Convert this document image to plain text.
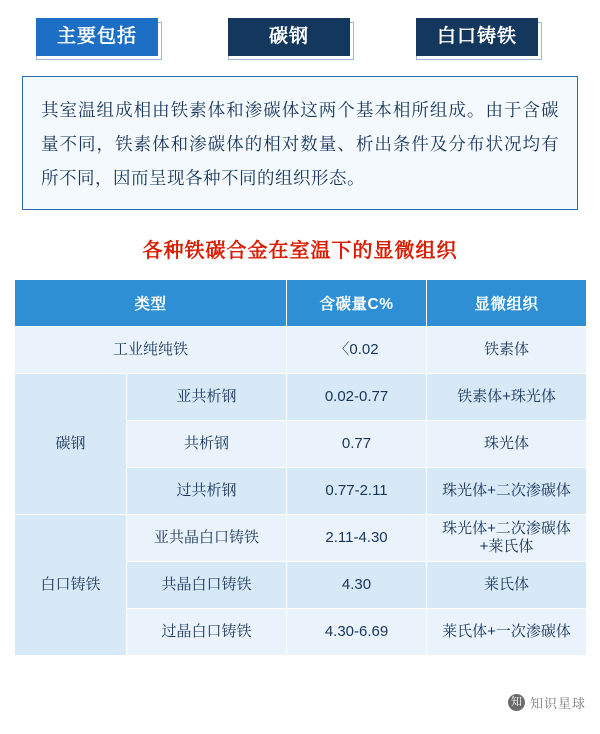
主要包括	碳钢	白口铸铁
其室温组成相由铁素体和渗碳体这两个基本相所组成。由于含碳量不同，铁素体和渗碳体的相对数量、析出条件及分布状况均有所不同，因而呈现各种不同的组织形态。
各种铁碳合金在室温下的显微组织
类型		含碳量C%	显微组织
工业纯纯铁		〈0.02	铁素体
碳钢	亚共析钢	0.02-0.77	铁素体+珠光体
	共析钢	0.77	珠光体
	过共析钢	0.77-2.11	珠光体+二次渗碳体
白口铸铁	亚共晶白口铸铁	2.11-4.30	珠光体+二次渗碳体+莱氏体
	共晶白口铸铁	4.30	莱氏体
	过晶白口铸铁	4.30-6.69	莱氏体+一次渗碳体
知 知识星球
